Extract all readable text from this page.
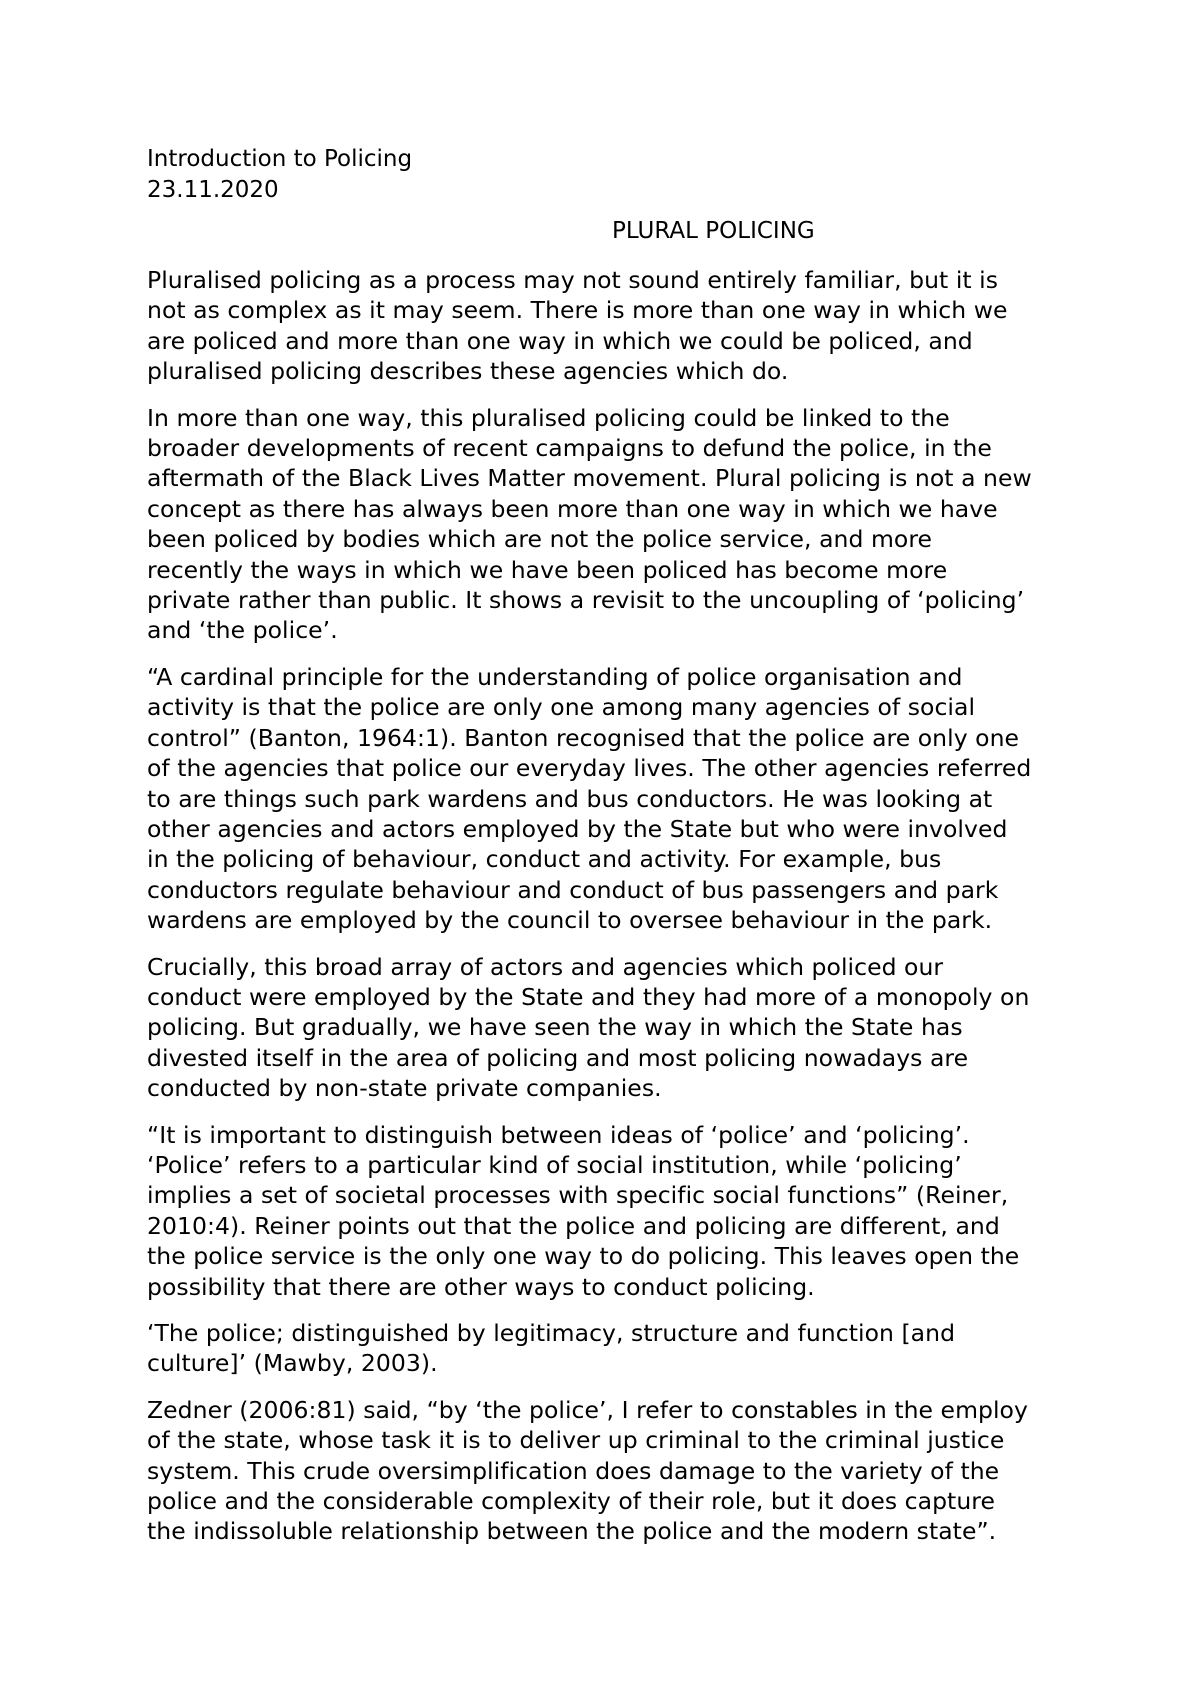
Introduction to Policing

23.11.2020

PLURAL POLICING

Pluralised policing as a process may not sound entirely familiar, but it is
not as complex as it may seem. There is more than one way in which we
are policed and more than one way in which we could be policed, and
pluralised policing describes these agencies which do.
In more than one way, this pluralised policing could be linked to the
broader developments of recent campaigns to defund the police, in the
aftermath of the Black Lives Matter movement. Plural policing is not a new
concept as there has always been more than one way in which we have
been policed by bodies which are not the police service, and more
recently the ways in which we have been policed has become more
private rather than public. It shows a revisit to the uncoupling of ‘policing’
and ‘the police’.
“A cardinal principle for the understanding of police organisation and
activity is that the police are only one among many agencies of social
control” (Banton, 1964:1). Banton recognised that the police are only one
of the agencies that police our everyday lives. The other agencies referred
to are things such park wardens and bus conductors. He was looking at
other agencies and actors employed by the State but who were involved
in the policing of behaviour, conduct and activity. For example, bus
conductors regulate behaviour and conduct of bus passengers and park
wardens are employed by the council to oversee behaviour in the park.
Crucially, this broad array of actors and agencies which policed our
conduct were employed by the State and they had more of a monopoly on
policing. But gradually, we have seen the way in which the State has
divested itself in the area of policing and most policing nowadays are
conducted by non-state private companies.
“It is important to distinguish between ideas of ‘police’ and ‘policing’.
‘Police’ refers to a particular kind of social institution, while ‘policing’
implies a set of societal processes with specific social functions” (Reiner,
2010:4). Reiner points out that the police and policing are different, and
the police service is the only one way to do policing. This leaves open the
possibility that there are other ways to conduct policing.
‘The police; distinguished by legitimacy, structure and function [and
culture]’ (Mawby, 2003).
Zedner (2006:81) said, “by ‘the police’, I refer to constables in the employ
of the state, whose task it is to deliver up criminal to the criminal justice
system. This crude oversimplification does damage to the variety of the
police and the considerable complexity of their role, but it does capture
the indissoluble relationship between the police and the modern state”.
